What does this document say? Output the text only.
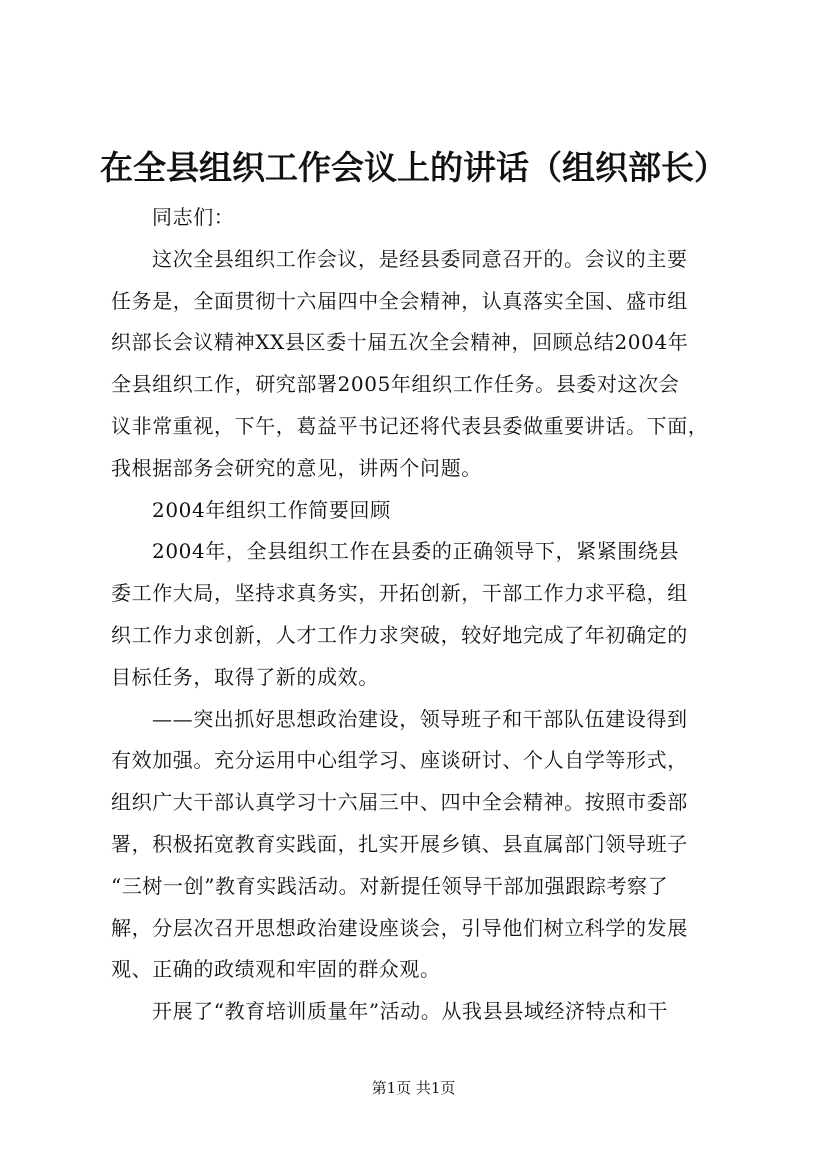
在全县组织工作会议上的讲话（组织部长）
同志们：
这次全县组织工作会议，是经县委同意召开的。会议的主要
任务是，全面贯彻十六届四中全会精神，认真落实全国、盛市组
织部长会议精神XX县区委十届五次全会精神，回顾总结2004年
全县组织工作，研究部署2005年组织工作任务。县委对这次会
议非常重视，下午，葛益平书记还将代表县委做重要讲话。下面，
我根据部务会研究的意见，讲两个问题。
2004年组织工作简要回顾
2004年，全县组织工作在县委的正确领导下，紧紧围绕县
委工作大局，坚持求真务实，开拓创新，干部工作力求平稳，组
织工作力求创新，人才工作力求突破，较好地完成了年初确定的
目标任务，取得了新的成效。
——突出抓好思想政治建设，领导班子和干部队伍建设得到
有效加强。充分运用中心组学习、座谈研讨、个人自学等形式，
组织广大干部认真学习十六届三中、四中全会精神。按照市委部
署，积极拓宽教育实践面，扎实开展乡镇、县直属部门领导班子
“三树一创”教育实践活动。对新提任领导干部加强跟踪考察了
解，分层次召开思想政治建设座谈会，引导他们树立科学的发展
观、正确的政绩观和牢固的群众观。
开展了“教育培训质量年”活动。从我县县域经济特点和干
第1页 共1页
